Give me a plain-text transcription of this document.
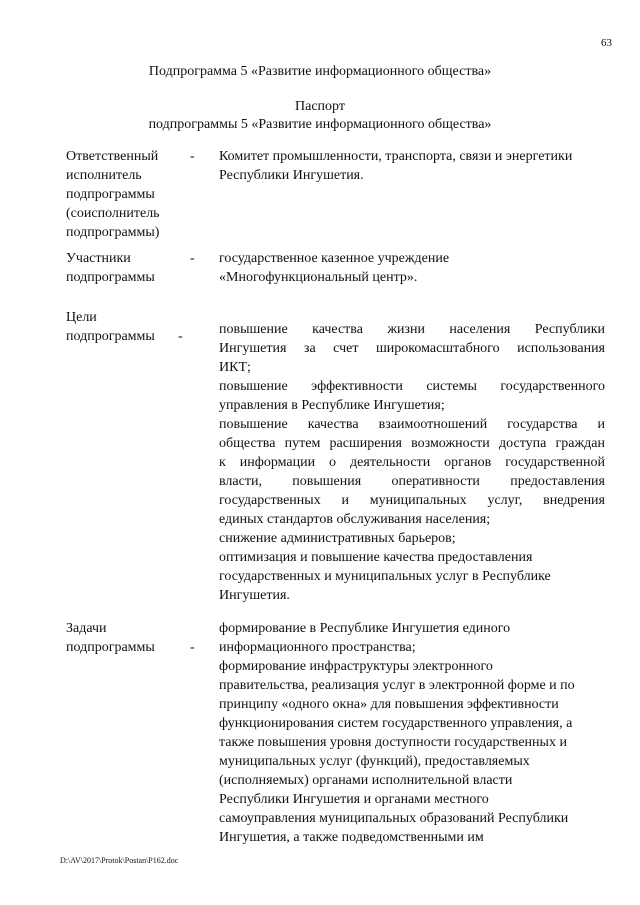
63
Подпрограмма 5 «Развитие информационного общества»
Паспорт
подпрограммы 5 «Развитие информационного общества»
Ответственный
исполнитель
подпрограммы
(соисполнитель
подпрограммы)
- Комитет промышленности, транспорта, связи и энергетики
Республики Ингушетия.
Участники
подпрограммы
- государственное казенное учреждение
«Многофункциональный центр».
Цели
подпрограммы -	повышение качества жизни населения Республики
Ингушетия за счет широкомасштабного использования
ИКТ;
повышение эффективности системы государственного
управления в Республике Ингушетия;
повышение качества взаимоотношений государства и
общества путем расширения возможности доступа граждан
к информации о деятельности органов государственной
власти, повышения оперативности предоставления
государственных и муниципальных услуг, внедрения
единых стандартов обслуживания населения;
снижение административных барьеров;
оптимизация и повышение качества предоставления
государственных и муниципальных услуг в Республике
Ингушетия.
Задачи
подпрограммы	-
формирование в Республике Ингушетия единого
информационного пространства;
формирование инфраструктуры электронного
правительства, реализация услуг в электронной форме и по
принципу «одного окна» для повышения эффективности
функционирования систем государственного управления, а
также повышения уровня доступности государственных и
муниципальных услуг (функций), предоставляемых
(исполняемых) органами исполнительной власти
Республики Ингушетия и органами местного
самоуправления муниципальных образований Республики
Ингушетия, а также подведомственными им
D:\AV\2017\Protok\Postan\P162.doc
